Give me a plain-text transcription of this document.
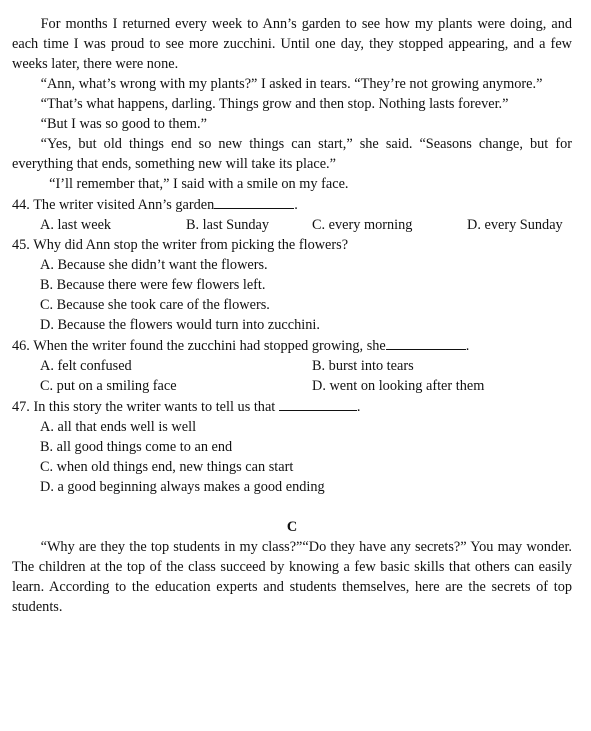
For months I returned every week to Ann’s garden to see how my plants were doing, and each time I was proud to see more zucchini. Until one day, they stopped appearing, and a few weeks later, there were none.

“Ann, what’s wrong with my plants?” I asked in tears. “They’re not growing anymore.”

“That’s what happens, darling. Things grow and then stop. Nothing lasts forever.”

“But I was so good to them.”

“Yes, but old things end so new things can start,” she said. “Seasons change, but for everything that ends, something new will take its place.”

“I’ll remember that,” I said with a smile on my face.

44. The writer visited Ann’s garden	.

A. last week	B. last Sunday	C. every morning	D. every Sunday

45. Why did Ann stop the writer from picking the flowers?

A. Because she didn’t want the flowers.

B. Because there were few flowers left.

C. Because she took care of the flowers.

D. Because the flowers would turn into zucchini.

46. When the writer found the zucchini had stopped growing, she	.

A. felt confused	B. burst into tears
C. put on a smiling face	D. went on looking after them

47. In this story the writer wants to tell us that	.

A. all that ends well is well

B. all good things come to an end

C. when old things end, new things can start

D. a good beginning always makes a good ending

C

“Why are they the top students in my class?”“Do they have any secrets?” You may wonder. The children at the top of the class succeed by knowing a few basic skills that others can easily learn. According to the education experts and students themselves, here are the secrets of top students.
